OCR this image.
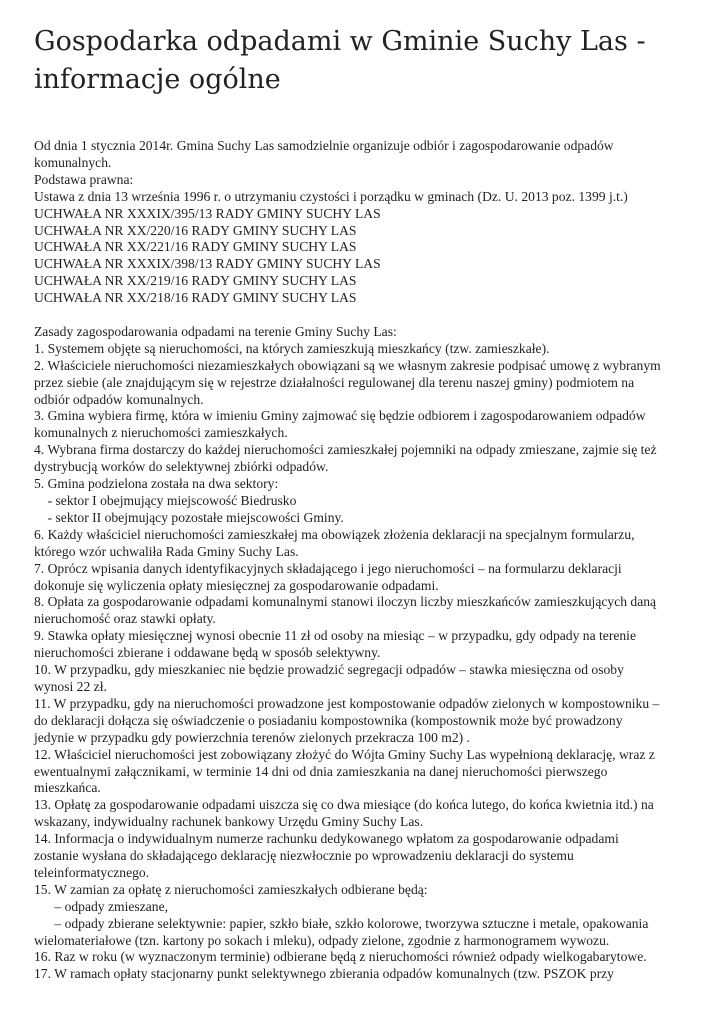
Gospodarka odpadami w Gminie Suchy Las - informacje ogólne
Od dnia 1 stycznia 2014r. Gmina Suchy Las samodzielnie organizuje odbiór i zagospodarowanie odpadów
komunalnych.
Podstawa prawna:
Ustawa z dnia 13 września 1996 r. o utrzymaniu czystości i porządku w gminach (Dz. U. 2013 poz. 1399 j.t.)
UCHWAŁA NR XXXIX/395/13 RADY GMINY SUCHY LAS
UCHWAŁA NR XX/220/16 RADY GMINY SUCHY LAS
UCHWAŁA NR XX/221/16 RADY GMINY SUCHY LAS
UCHWAŁA NR XXXIX/398/13 RADY GMINY SUCHY LAS
UCHWAŁA NR XX/219/16 RADY GMINY SUCHY LAS
UCHWAŁA NR XX/218/16 RADY GMINY SUCHY LAS
Zasady zagospodarowania odpadami na terenie Gminy Suchy Las:
1. Systemem objęte są nieruchomości, na których zamieszkują mieszkańcy (tzw. zamieszkałe).
2. Właściciele nieruchomości niezamieszkałych obowiązani są we własnym zakresie podpisać umowę z wybranym
przez siebie (ale znajdującym się w rejestrze działalności regulowanej dla terenu naszej gminy) podmiotem na
odbiór odpadów komunalnych.
3. Gmina wybiera firmę, która w imieniu Gminy zajmować się będzie odbiorem i zagospodarowaniem odpadów
komunalnych z nieruchomości zamieszkałych.
4. Wybrana firma dostarczy do każdej nieruchomości zamieszkałej pojemniki na odpady zmieszane, zajmie się też
dystrybucją worków do selektywnej zbiórki odpadów.
5. Gmina podzielona została na dwa sektory:
- sektor I obejmujący miejscowość Biedrusko
- sektor II obejmujący pozostałe miejscowości Gminy.
6. Każdy właściciel nieruchomości zamieszkałej ma obowiązek złożenia deklaracji na specjalnym formularzu,
którego wzór uchwaliła Rada Gminy Suchy Las.
7. Oprócz wpisania danych identyfikacyjnych składającego i jego nieruchomości – na formularzu deklaracji
dokonuje się wyliczenia opłaty miesięcznej za gospodarowanie odpadami.
8. Opłata za gospodarowanie odpadami komunalnymi stanowi iloczyn liczby mieszkańców zamieszkujących daną
nieruchomość oraz stawki opłaty.
9. Stawka opłaty miesięcznej wynosi obecnie 11 zł od osoby na miesiąc – w przypadku, gdy odpady na terenie
nieruchomości zbierane i oddawane będą w sposób selektywny.
10. W przypadku, gdy mieszkaniec nie będzie prowadzić segregacji odpadów – stawka miesięczna od osoby
wynosi 22 zł.
11. W przypadku, gdy na nieruchomości prowadzone jest kompostowanie odpadów zielonych w kompostowniku –
do deklaracji dołącza się oświadczenie o posiadaniu kompostownika (kompostownik może być prowadzony
jedynie w przypadku gdy powierzchnia terenów zielonych przekracza 100 m2) .
12. Właściciel nieruchomości jest zobowiązany złożyć do Wójta Gminy Suchy Las wypełnioną deklarację, wraz z
ewentualnymi załącznikami, w terminie 14 dni od dnia zamieszkania na danej nieruchomości pierwszego
mieszkańca.
13. Opłatę za gospodarowanie odpadami uiszcza się co dwa miesiące (do końca lutego, do końca kwietnia itd.) na
wskazany, indywidualny rachunek bankowy Urzędu Gminy Suchy Las.
14. Informacja o indywidualnym numerze rachunku dedykowanego wpłatom za gospodarowanie odpadami
zostanie wysłana do składającego deklarację niezwłocznie po wprowadzeniu deklaracji do systemu
teleinformatycznego.
15. W zamian za opłatę z nieruchomości zamieszkałych odbierane będą:
– odpady zmieszane,
– odpady zbierane selektywnie: papier, szkło białe, szkło kolorowe, tworzywa sztuczne i metale, opakowania
wielomateriałowe (tzn. kartony po sokach i mleku), odpady zielone, zgodnie z harmonogramem wywozu.
16. Raz w roku (w wyznaczonym terminie) odbierane będą z nieruchomości również odpady wielkogabarytowe.
17. W ramach opłaty stacjonarny punkt selektywnego zbierania odpadów komunalnych (tzw. PSZOK przy
